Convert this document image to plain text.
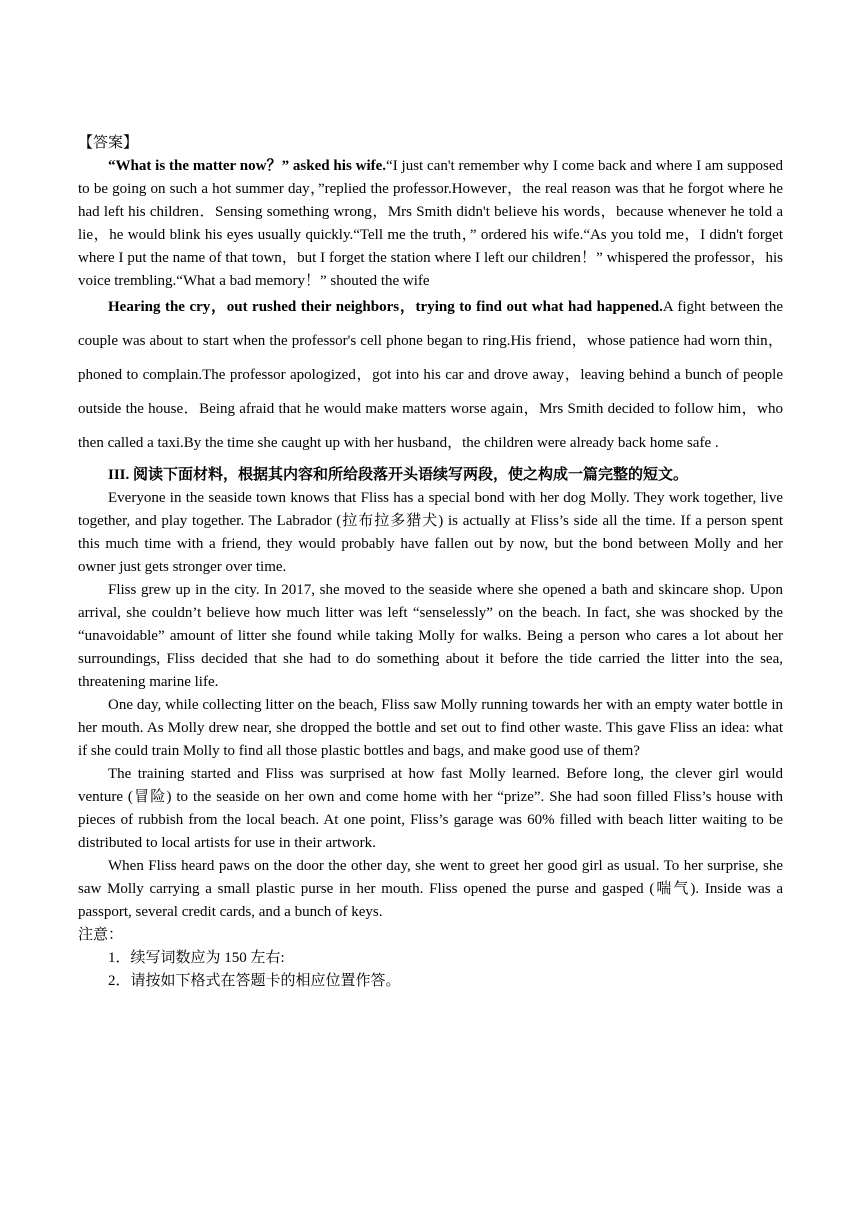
【答案】

“What is the matter now？” asked his wife.“I just can't remember why I come back and where I am supposed to be going on such a hot summer day，”replied the professor.However，the real reason was that he forgot where he had left his children．Sensing something wrong，Mrs Smith didn't believe his words，because whenever he told a lie，he would blink his eyes usually quickly.“Tell me the truth，” ordered his wife.“As you told me，I didn't forget where I put the name of that town，but I forget the station where I left our children！” whispered the professor，his voice trembling.“What a bad memory！” shouted the wife

Hearing the cry，out rushed their neighbors，trying to find out what had happened.A fight between the couple was about to start when the professor's cell phone began to ring.His friend，whose patience had worn thin，phoned to complain.The professor apologized，got into his car and drove away，leaving behind a bunch of people outside the house．Being afraid that he would make matters worse again，Mrs Smith decided to follow him，who then called a taxi.By the time she caught up with her husband，the children were already back home safe .

III. 阅读下面材料，根据其内容和所给段落开头语续写两段，使之构成一篇完整的短文。

Everyone in the seaside town knows that Fliss has a special bond with her dog Molly. They work together, live together, and play together. The Labrador (拉布拉多猎犬) is actually at Fliss’s side all the time. If a person spent this much time with a friend, they would probably have fallen out by now, but the bond between Molly and her owner just gets stronger over time.

Fliss grew up in the city. In 2017, she moved to the seaside where she opened a bath and skincare shop. Upon arrival, she couldn’t believe how much litter was left “senselessly” on the beach. In fact, she was shocked by the “unavoidable” amount of litter she found while taking Molly for walks. Being a person who cares a lot about her surroundings, Fliss decided that she had to do something about it before the tide carried the litter into the sea, threatening marine life.

One day, while collecting litter on the beach, Fliss saw Molly running towards her with an empty water bottle in her mouth. As Molly drew near, she dropped the bottle and set out to find other waste. This gave Fliss an idea: what if she could train Molly to find all those plastic bottles and bags, and make good use of them?

The training started and Fliss was surprised at how fast Molly learned. Before long, the clever girl would venture (冒险) to the seaside on her own and come home with her “prize”. She had soon filled Fliss’s house with pieces of rubbish from the local beach. At one point, Fliss’s garage was 60% filled with beach litter waiting to be distributed to local artists for use in their artwork.

When Fliss heard paws on the door the other day, she went to greet her good girl as usual. To her surprise, she saw Molly carrying a small plastic purse in her mouth. Fliss opened the purse and gasped (喘气). Inside was a passport, several credit cards, and a bunch of keys.

注意：
1．续写词数应为 150 左右:
2．请按如下格式在答题卡的相应位置作答。
